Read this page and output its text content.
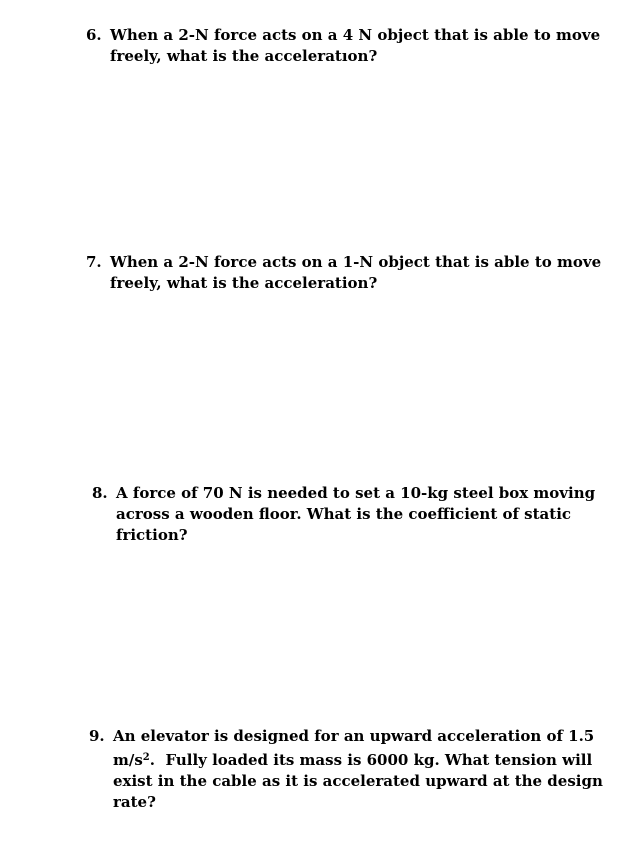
6. When a 2-N force acts on a 4 N object that is able to move
freely, what is the acceleratıon?
7. When a 2-N force acts on a 1-N object that is able to move
freely, what is the acceleration?
8. A force of 70 N is needed to set a 10-kg steel box moving
across a wooden floor. What is the coefficient of static
friction?
9. An elevator is designed for an upward acceleration of 1.5
$m/s^2$. Fully loaded its mass is 6000 kg. What tension will
exist in the cable as it is accelerated upward at the design
rate?
